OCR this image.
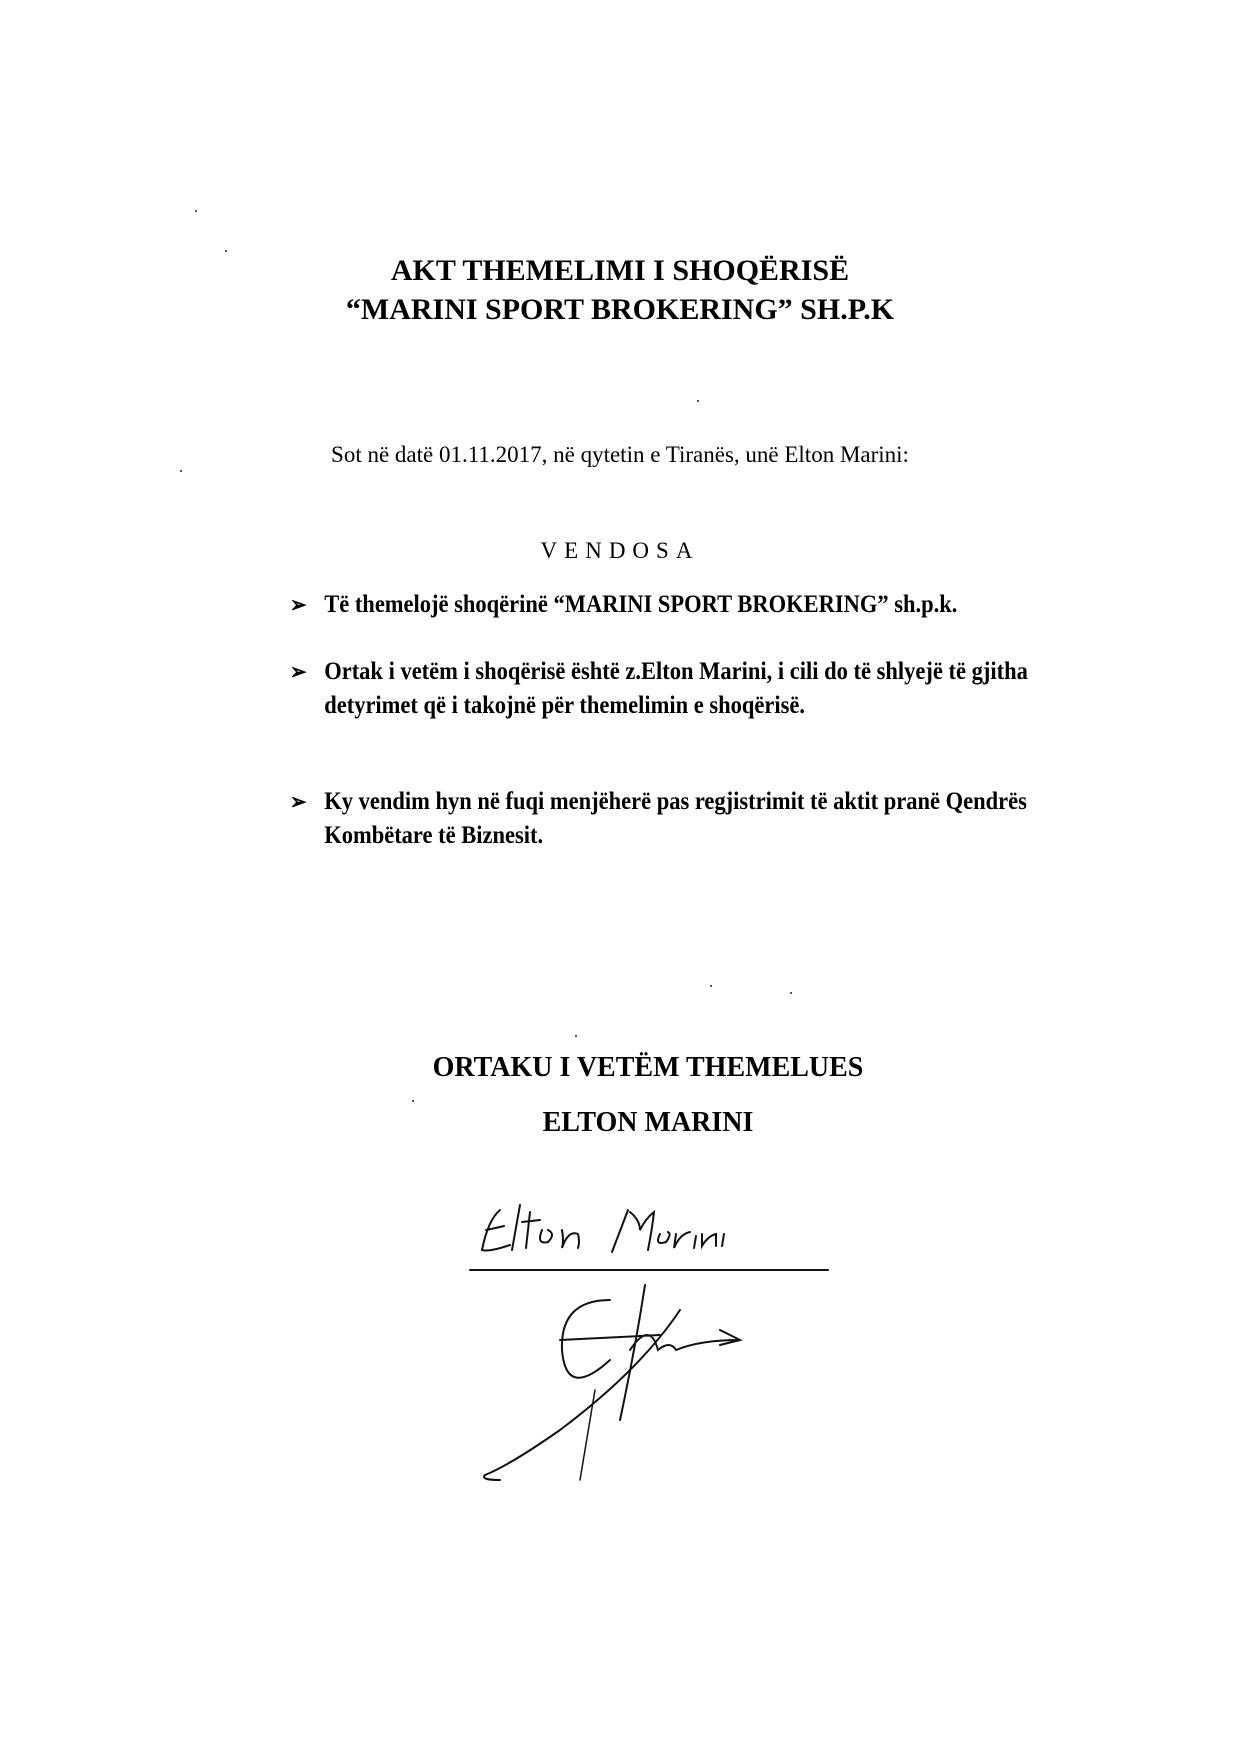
AKT THEMELIMI I SHOQËRISË
“MARINI SPORT BROKERING” SH.P.K
Sot në datë 01.11.2017, në qytetin e Tiranës, unë Elton Marini:
VENDOSA
➢ Të themelojë shoqërinë “MARINI SPORT BROKERING” sh.p.k.
➢ Ortak i vetëm i shoqërisë është z.Elton Marini, i cili do të shlyejë të gjitha detyrimet që i takojnë për themelimin e shoqërisë.
➢ Ky vendim hyn në fuqi menjëherë pas regjistrimit të aktit pranë Qendrës Kombëtare të Biznesit.
ORTAKU I VETËM THEMELUES
ELTON MARINI
